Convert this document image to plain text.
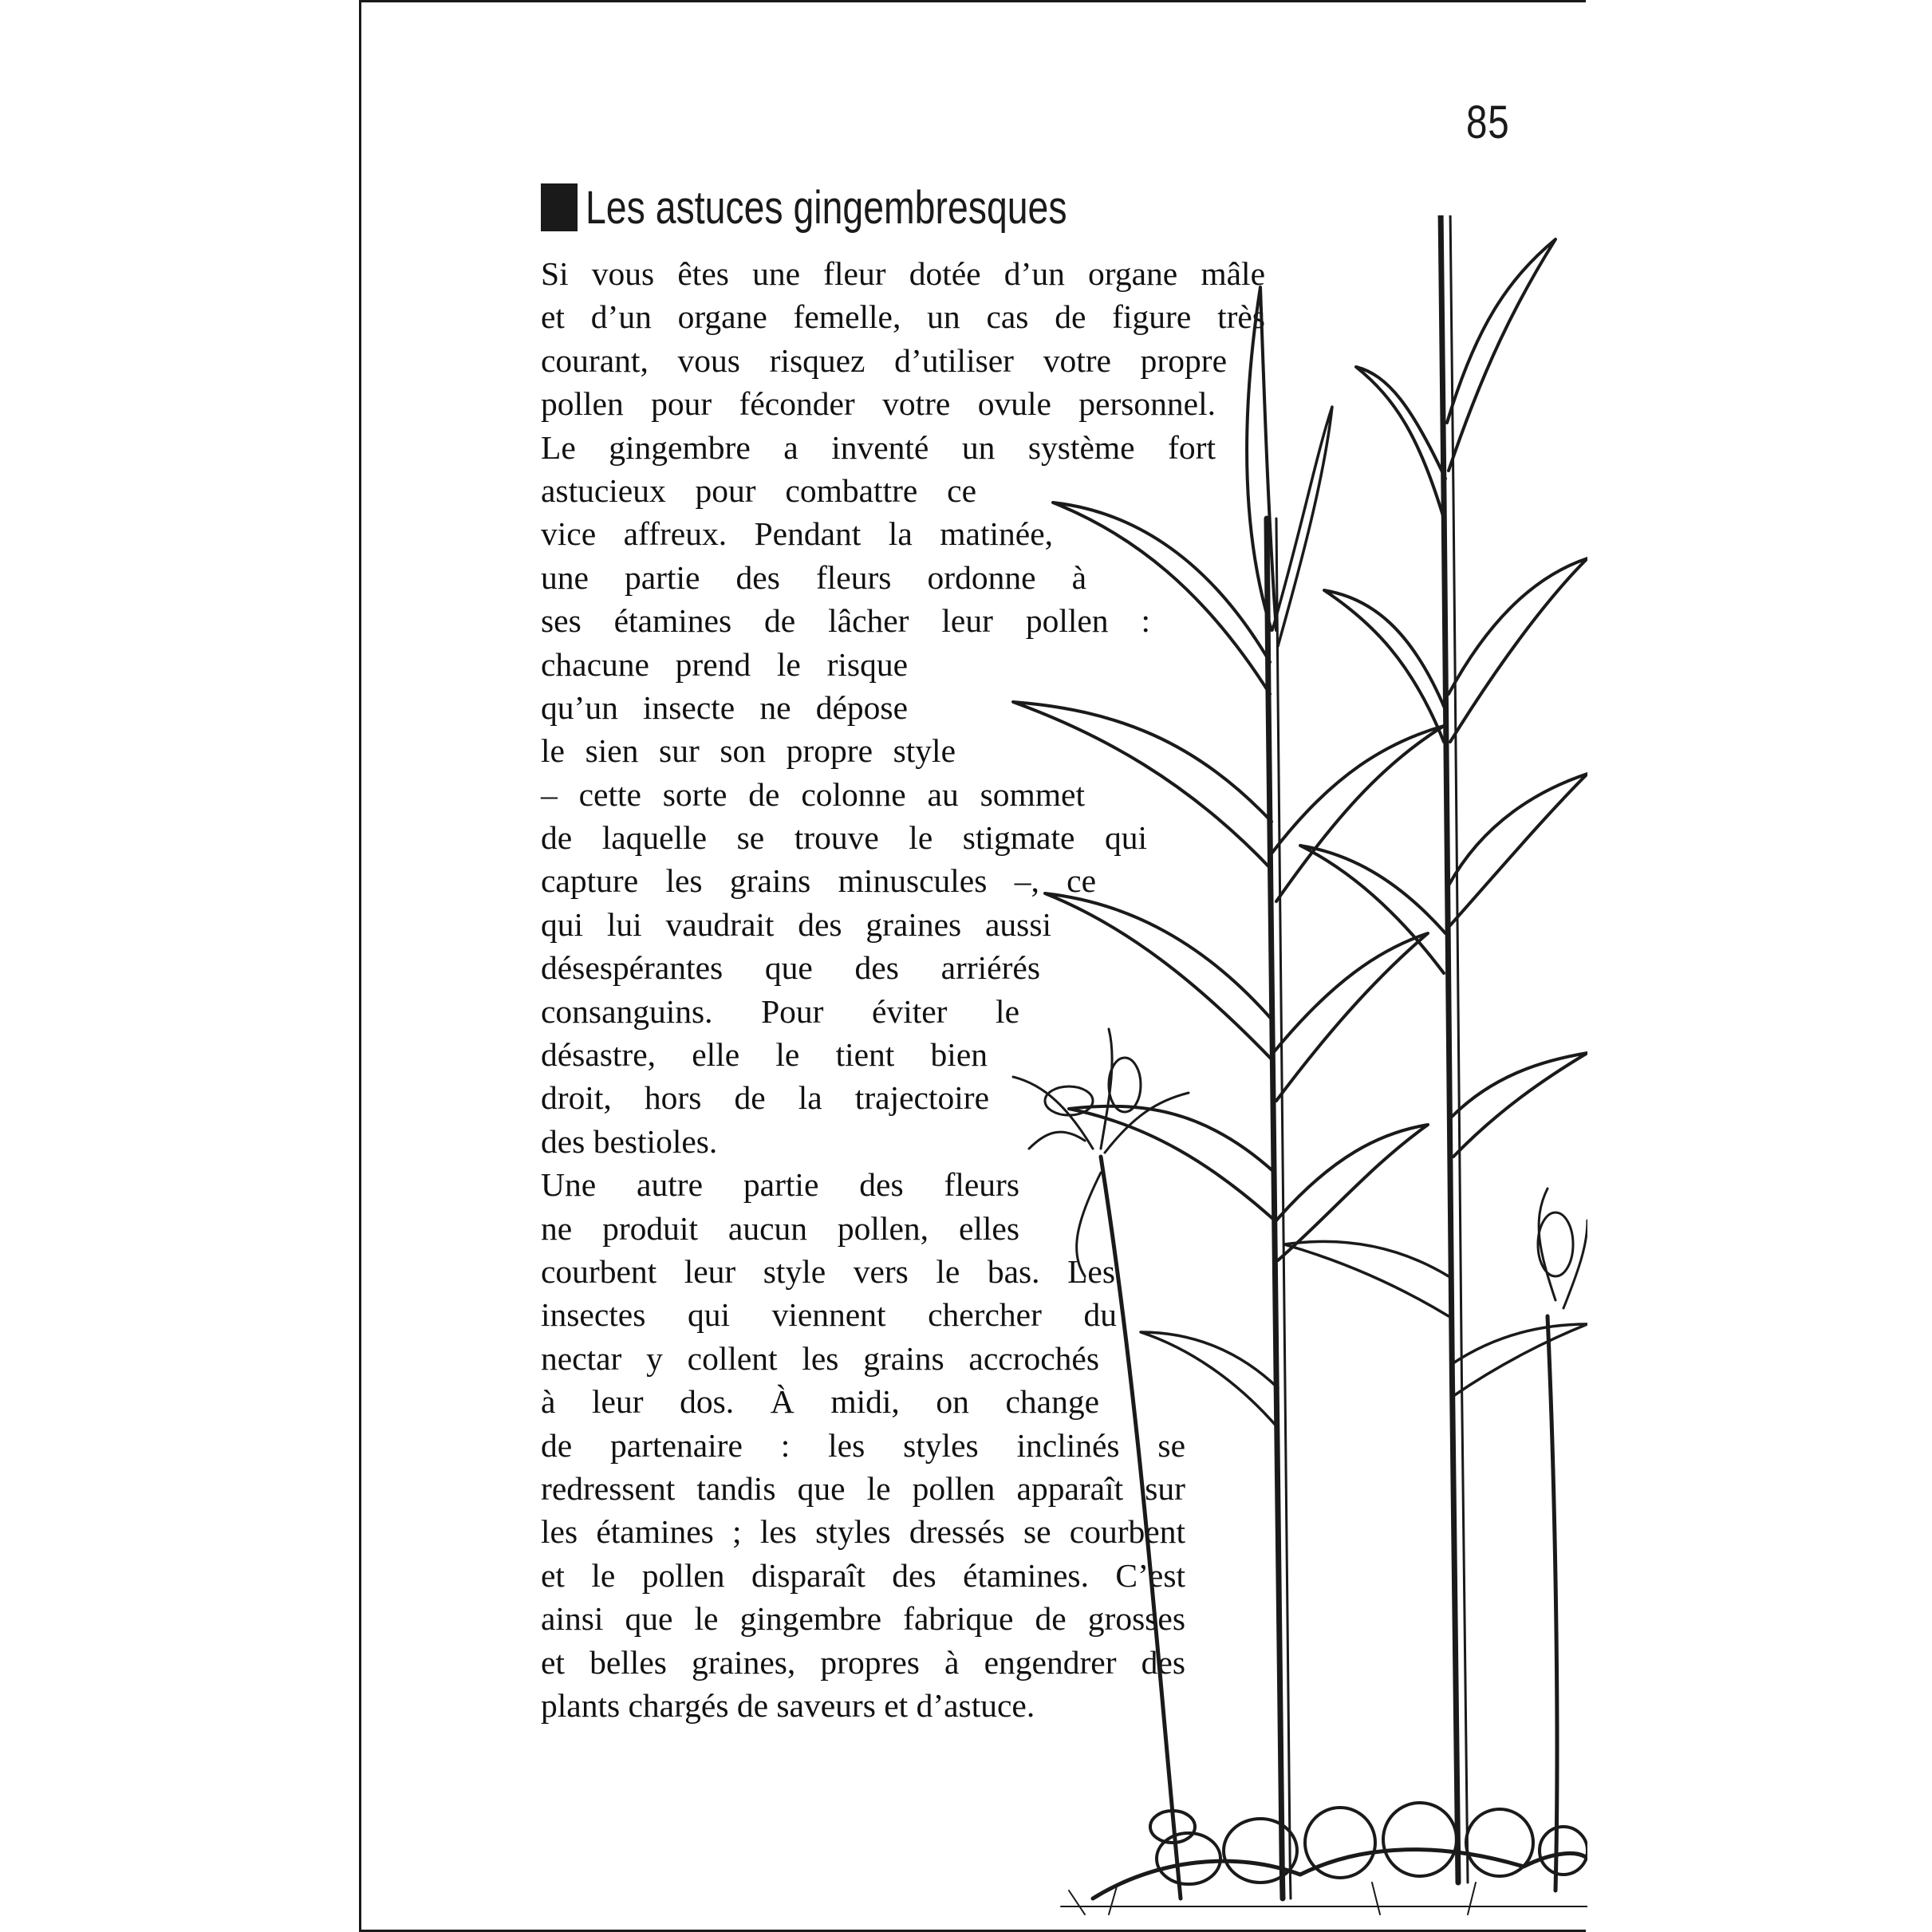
85
Les astuces gingembresques
Si vous êtes une fleur dotée d’un organe mâle
et d’un organe femelle, un cas de figure très
courant, vous risquez d’utiliser votre propre
pollen pour féconder votre ovule personnel.
Le gingembre a inventé un système fort
astucieux pour combattre ce
vice affreux. Pendant la matinée,
une partie des fleurs ordonne à
ses étamines de lâcher leur pollen :
chacune prend le risque
qu’un insecte ne dépose
le sien sur son propre style
– cette sorte de colonne au sommet
de laquelle se trouve le stigmate qui
capture les grains minuscules –, ce
qui lui vaudrait des graines aussi
désespérantes que des arriérés
consanguins. Pour éviter le
désastre, elle le tient bien
droit, hors de la trajectoire
des bestioles.
Une autre partie des fleurs
ne produit aucun pollen, elles
courbent leur style vers le bas. Les
insectes qui viennent chercher du
nectar y collent les grains accrochés
à leur dos. À midi, on change
de partenaire : les styles inclinés se
redressent tandis que le pollen apparaît sur
les étamines ; les styles dressés se courbent
et le pollen disparaît des étamines. C’est
ainsi que le gingembre fabrique de grosses
et belles graines, propres à engendrer des
plants chargés de saveurs et d’astuce.
